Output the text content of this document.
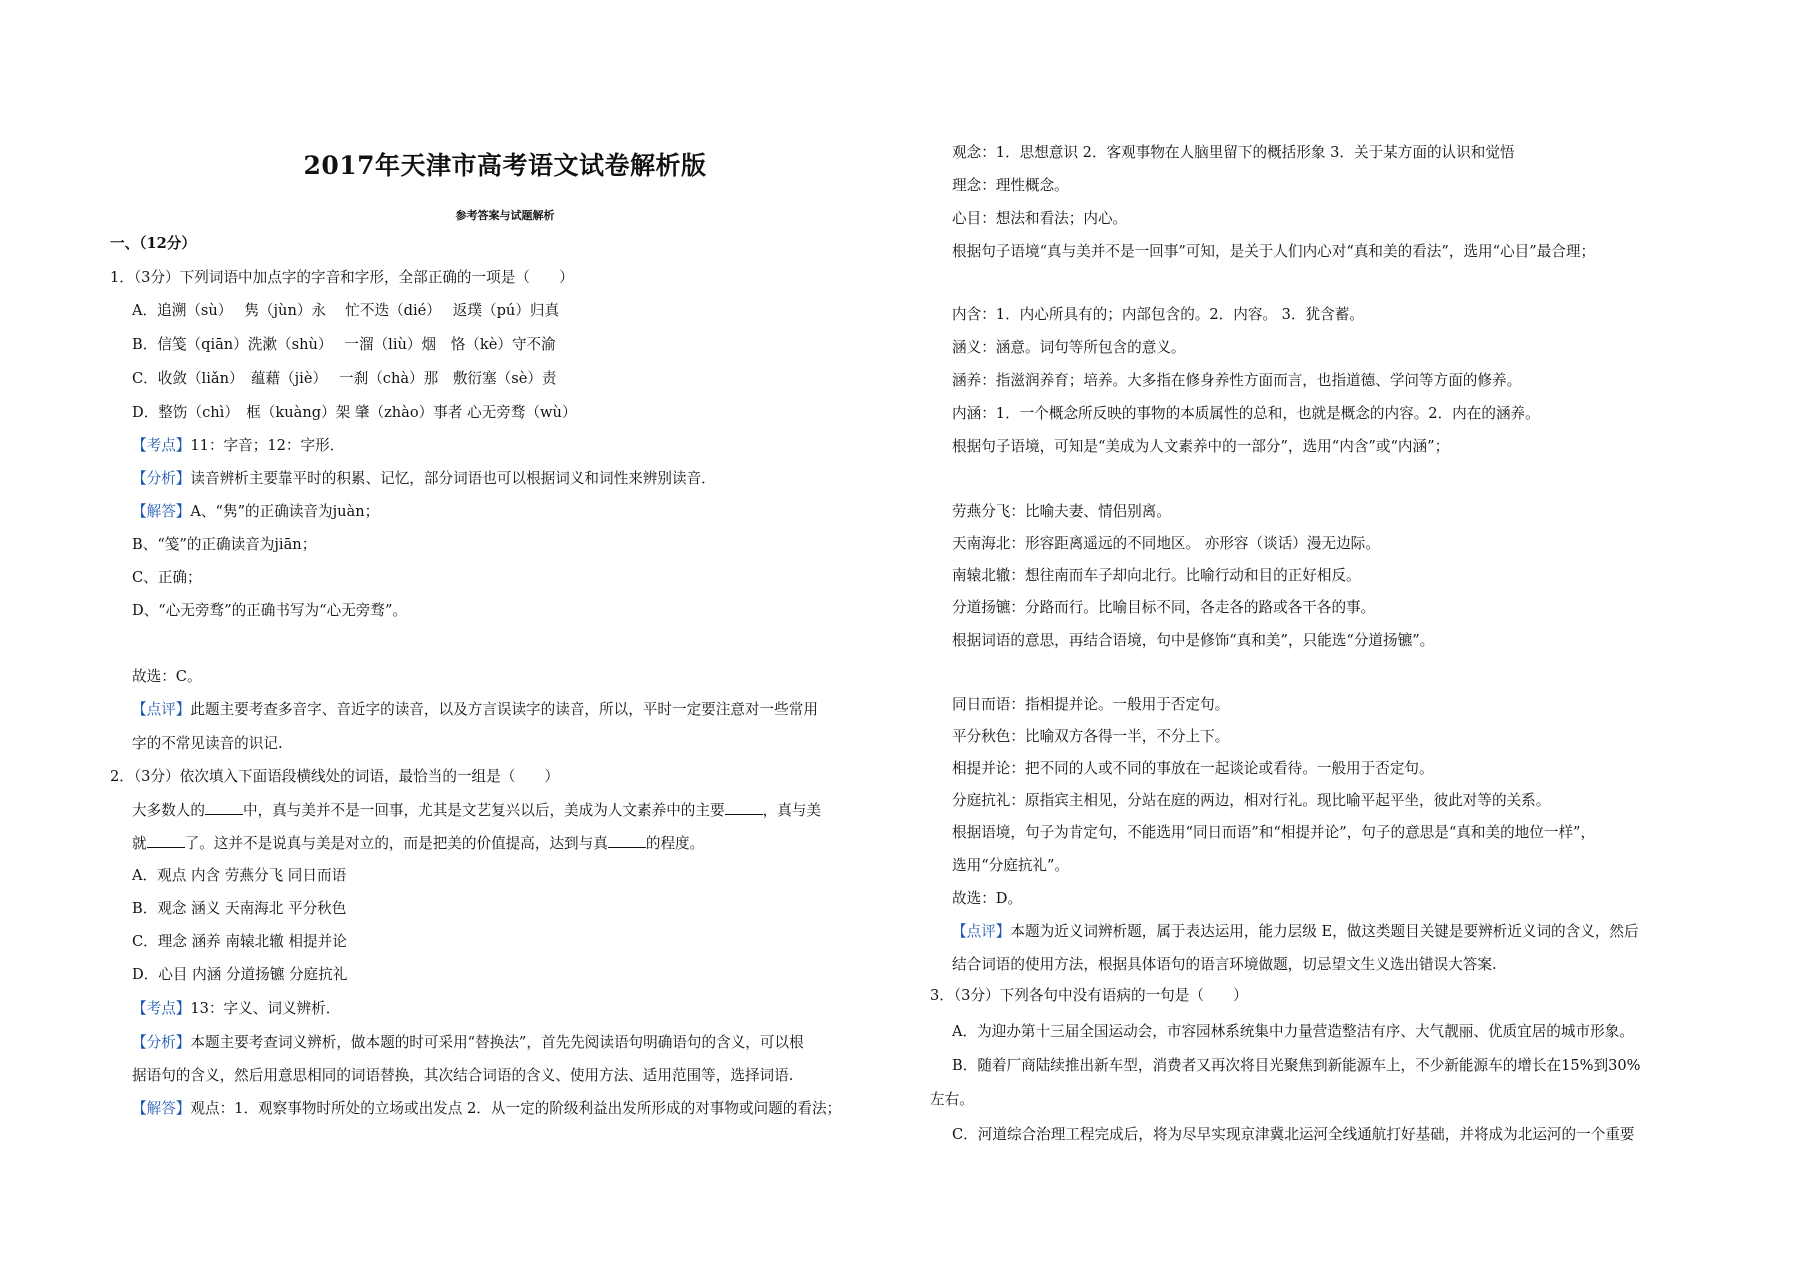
2017年天津市高考语文试卷解析版
参考答案与试题解析
一、（12分）
1．（3分）下列词语中加点字的字音和字形，全部正确的一项是（　　）
A．追溯（sù）　 隽（jùn）永　 忙不迭（dié）　 返璞（pú）归真
B．信笺（qiān）洗漱（shù）　 一溜（liù）烟　恪（kè）守不渝
C．收敛（liǎn）　蕴藉（jiè）　 一刹（chà）那　敷衍塞（sè）责
D．整饬（chì）　框（kuàng）架 肇（zhào）事者 心无旁骛（wù）
【考点】11：字音；12：字形．
【分析】读音辨析主要靠平时的积累、记忆，部分词语也可以根据词义和词性来辨别读音．
【解答】A、“隽”的正确读音为juàn；
B、“笺”的正确读音为jiān；
C、正确；
D、“心无旁骛”的正确书写为“心无旁骛”。
故选：C。
【点评】此题主要考查多音字、音近字的读音，以及方言误读字的读音，所以，平时一定要注意对一些常用
字的不常见读音的识记.
2．（3分）依次填入下面语段横线处的词语，最恰当的一组是（　　）
大多数人的	中，真与美并不是一回事，尤其是文艺复兴以后，美成为人文素养中的主要	，真与美
就	了。这并不是说真与美是对立的，而是把美的价值提高，达到与真	的程度。
A．观点 内含 劳燕分飞 同日而语
B．观念 涵义 天南海北 平分秋色
C．理念 涵养 南辕北辙 相提并论
D．心目 内涵 分道扬镳 分庭抗礼
【考点】13：字义、词义辨析．
【分析】本题主要考查词义辨析，做本题的时可采用“替换法”，首先先阅读语句明确语句的含义，可以根
据语句的含义，然后用意思相同的词语替换，其次结合词语的含义、使用方法、适用范围等，选择词语.
【解答】观点：1．观察事物时所处的立场或出发点 2．从一定的阶级利益出发所形成的对事物或问题的看法；
观念：1．思想意识 2．客观事物在人脑里留下的概括形象 3．关于某方面的认识和觉悟
理念：理性概念。
心目：想法和看法；内心。
根据句子语境“真与美并不是一回事”可知，是关于人们内心对“真和美的看法”，选用“心目”最合理；
内含：1．内心所具有的；内部包含的。2．内容。 3．犹含蓄。
涵义：涵意。词句等所包含的意义。
涵养：指滋润养育；培养。大多指在修身养性方面而言，也指道德、学问等方面的修养。
内涵：1．一个概念所反映的事物的本质属性的总和，也就是概念的内容。2．内在的涵养。
根据句子语境，可知是“美成为人文素养中的一部分”，选用“内含”或“内涵”；
劳燕分飞：比喻夫妻、情侣别离。
天南海北：形容距离遥远的不同地区。 亦形容（谈话）漫无边际。
南辕北辙：想往南而车子却向北行。比喻行动和目的正好相反。
分道扬镳：分路而行。比喻目标不同，各走各的路或各干各的事。
根据词语的意思，再结合语境，句中是修饰“真和美”，只能选“分道扬镳”。
同日而语：指相提并论。一般用于否定句。
平分秋色：比喻双方各得一半，不分上下。
相提并论：把不同的人或不同的事放在一起谈论或看待。一般用于否定句。
分庭抗礼：原指宾主相见，分站在庭的两边，相对行礼。现比喻平起平坐，彼此对等的关系。
根据语境，句子为肯定句，不能选用“同日而语”和“相提并论”，句子的意思是“真和美的地位一样”，
选用“分庭抗礼”。
故选：D。
【点评】本题为近义词辨析题，属于表达运用，能力层级 E，做这类题目关键是要辨析近义词的含义，然后
结合词语的使用方法，根据具体语句的语言环境做题，切忌望文生义选出错误大答案.
3．（3分）下列各句中没有语病的一句是（　　）
A．为迎办第十三届全国运动会，市容园林系统集中力量营造整洁有序、大气靓丽、优质宜居的城市形象。
B．随着厂商陆续推出新车型，消费者又再次将目光聚焦到新能源车上，不少新能源车的增长在15%到30%
左右。
C．河道综合治理工程完成后，将为尽早实现京津冀北运河全线通航打好基础，并将成为北运河的一个重要
